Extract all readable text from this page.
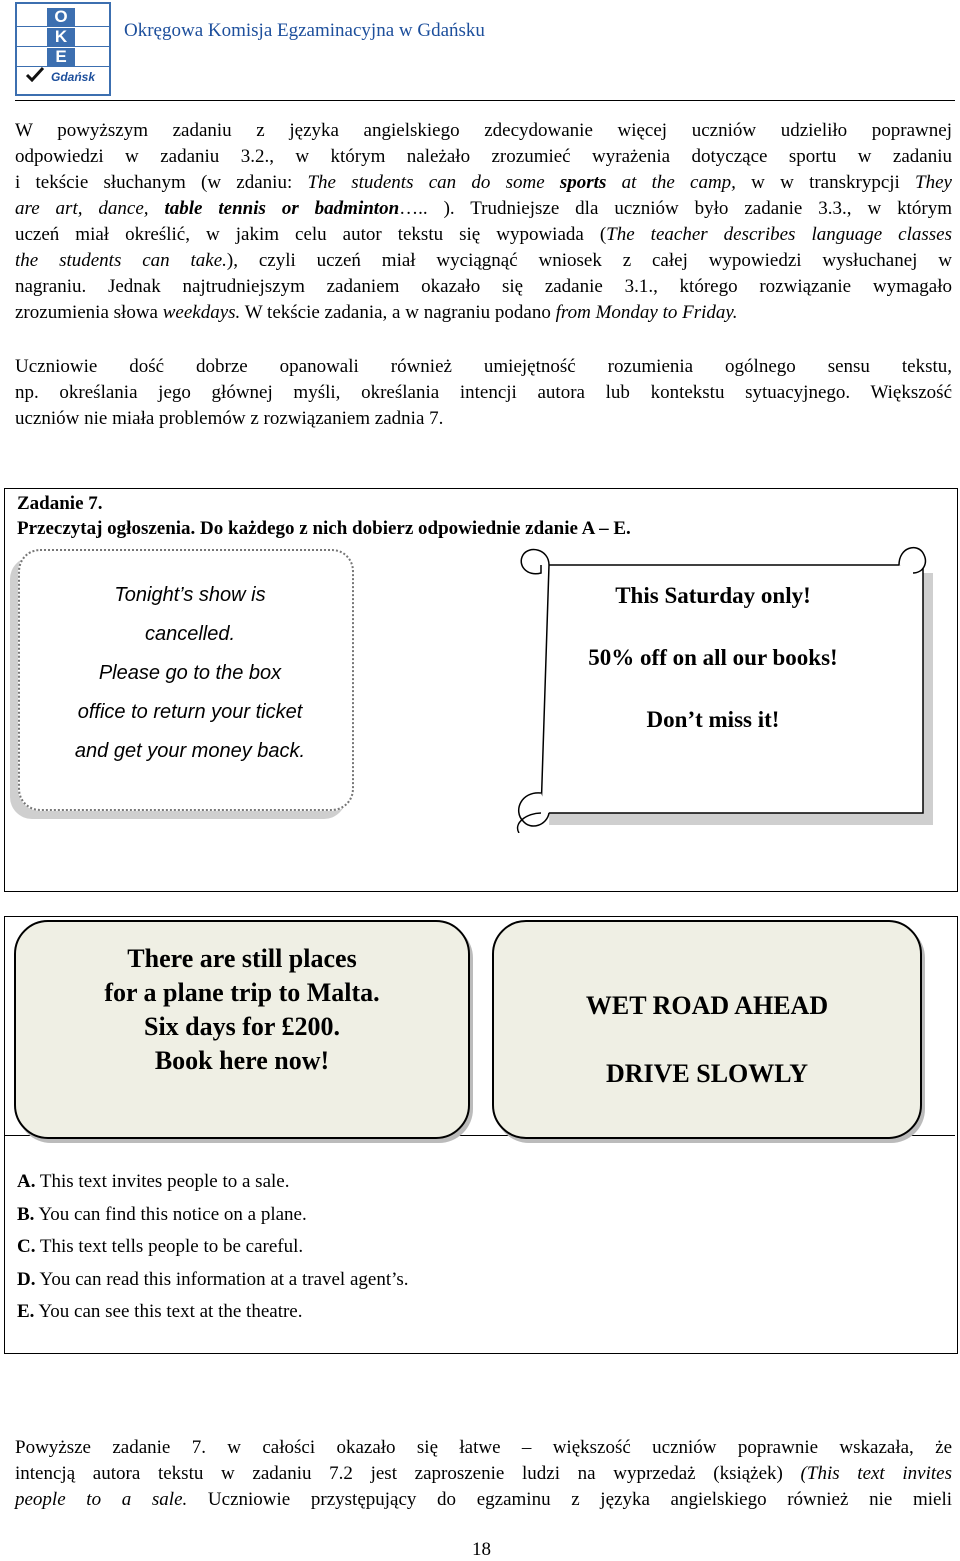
O
K
E
Gdańsk
Okręgowa Komisja Egzaminacyjna w Gdańsku
W powyższym zadaniu z języka angielskiego zdecydowanie więcej uczniów udzieliło poprawnej
odpowiedzi w zadaniu 3.2., w którym należało zrozumieć wyrażenia dotyczące sportu w zadaniu
i tekście słuchanym (w zdaniu: The students can do some sports at the camp, w w transkrypcji They
are art, dance, table tennis or badminton….. ). Trudniejsze dla uczniów było zadanie 3.3., w którym
uczeń miał określić, w jakim celu autor tekstu się wypowiada (The teacher describes language classes
the students can take.), czyli uczeń miał wyciągnąć wniosek z całej wypowiedzi wysłuchanej w
nagraniu. Jednak najtrudniejszym zadaniem okazało się zadanie 3.1., którego rozwiązanie wymagało
zrozumienia słowa weekdays. W tekście zadania, a w nagraniu podano from Monday to Friday.
Uczniowie dość dobrze opanowali również umiejętność rozumienia ogólnego sensu tekstu,
np. określania jego głównej myśli, określania intencji autora lub kontekstu sytuacyjnego. Większość
uczniów nie miała problemów z rozwiązaniem zadnia 7.
Zadanie 7.
Przeczytaj ogłoszenia. Do każdego z nich dobierz odpowiednie zdanie A – E.
Tonight’s show is
cancelled.
Please go to the box
office to return your ticket
and get your money back.
This Saturday only!
50% off on all our books!
Don’t miss it!
There are still places
for a plane trip to Malta.
Six days for £200.
Book here now!
WET ROAD AHEAD
DRIVE SLOWLY
A. This text invites people to a sale.
B. You can find this notice on a plane.
C. This text tells people to be careful.
D. You can read this information at a travel agent’s.
E. You can see this text at the theatre.
Powyższe zadanie 7. w całości okazało się łatwe – większość uczniów poprawnie wskazała, że
intencją autora tekstu w zadaniu 7.2 jest zaproszenie ludzi na wyprzedaż (książek) (This text invites
people to a sale. Uczniowie przystępujący do egzaminu z języka angielskiego również nie mieli
18
